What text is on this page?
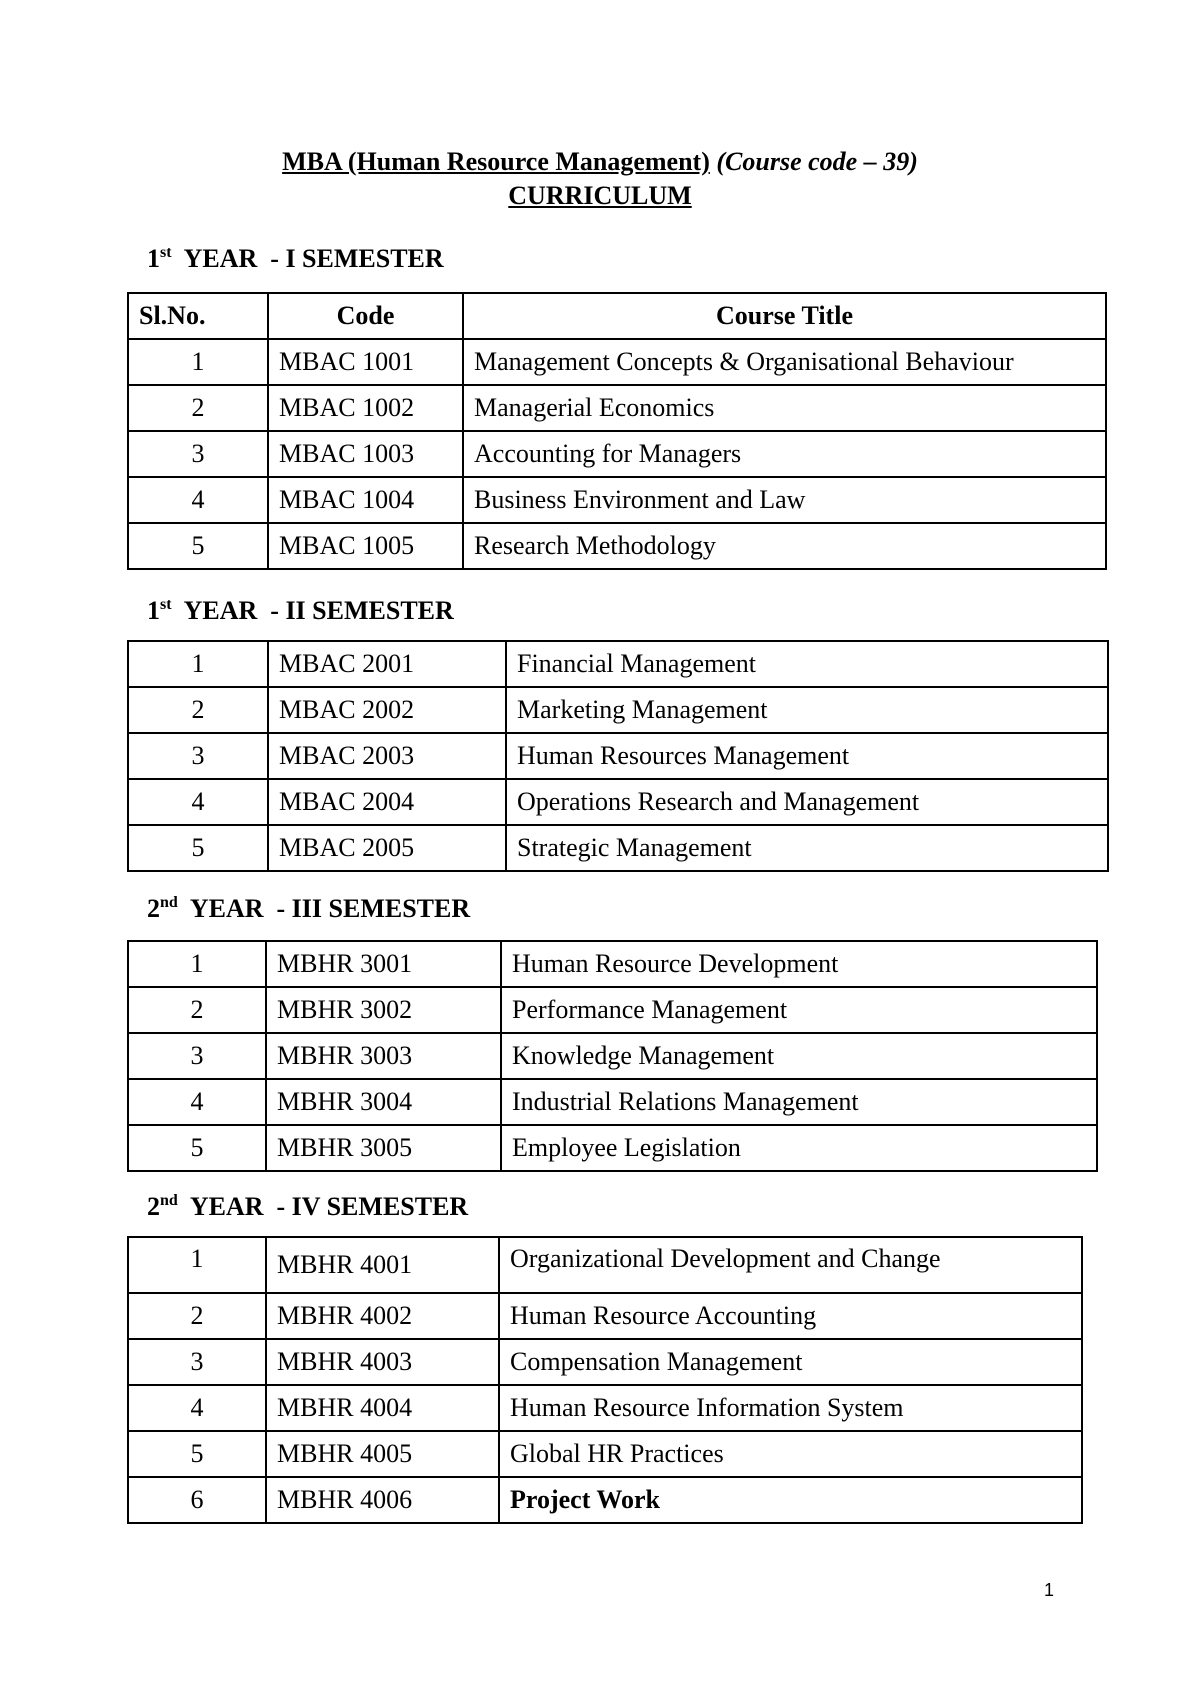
MBA (Human Resource Management) (Course code – 39)
CURRICULUM
1st YEAR  - I SEMESTER
Sl.No.	Code	Course Title
1	MBAC 1001	Management Concepts & Organisational Behaviour
2	MBAC 1002	Managerial Economics
3	MBAC 1003	Accounting for Managers
4	MBAC 1004	Business Environment and Law
5	MBAC 1005	Research Methodology
1st YEAR  - II SEMESTER
1	MBAC 2001	Financial Management
2	MBAC 2002	Marketing Management
3	MBAC 2003	Human Resources Management
4	MBAC 2004	Operations Research and Management
5	MBAC 2005	Strategic Management
2nd YEAR  - III SEMESTER
1	MBHR 3001	Human Resource Development
2	MBHR 3002	Performance Management
3	MBHR 3003	Knowledge Management
4	MBHR 3004	Industrial Relations Management
5	MBHR 3005	Employee Legislation
2nd YEAR  - IV SEMESTER
1	MBHR 4001	Organizational Development and Change
2	MBHR 4002	Human Resource Accounting
3	MBHR 4003	Compensation Management
4	MBHR 4004	Human Resource Information System
5	MBHR 4005	Global HR Practices
6	MBHR 4006	Project Work
1
